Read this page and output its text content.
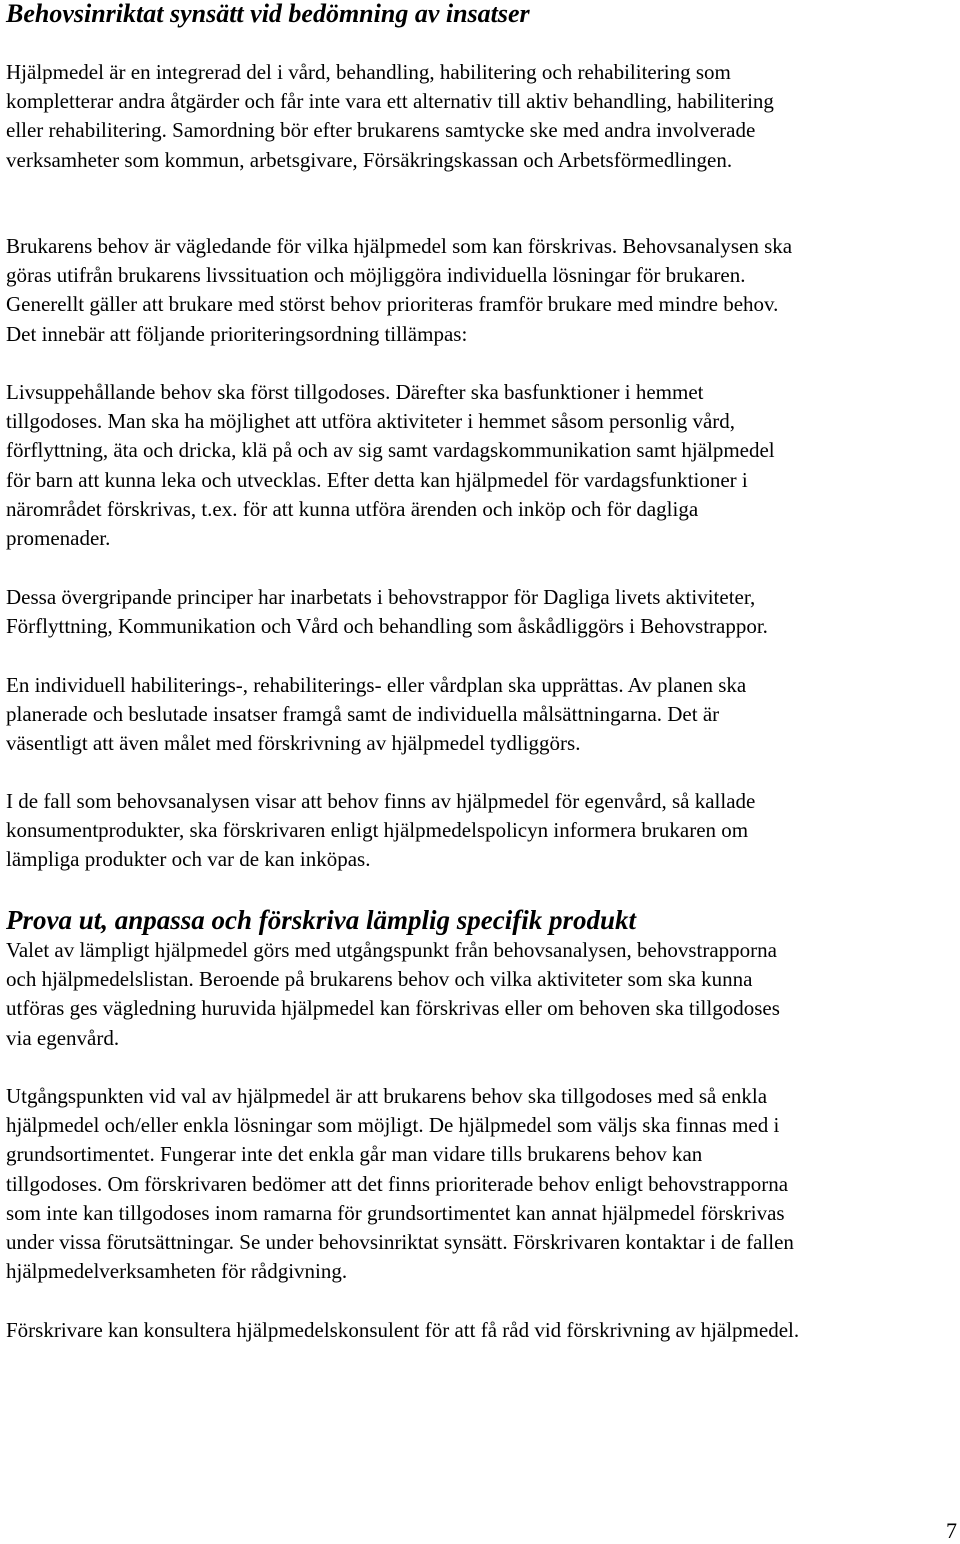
Behovsinriktat synsätt vid bedömning av insatser

Hjälpmedel är en integrerad del i vård, behandling, habilitering och rehabilitering som
kompletterar andra åtgärder och får inte vara ett alternativ till aktiv behandling, habilitering
eller rehabilitering. Samordning bör efter brukarens samtycke ske med andra involverade
verksamheter som kommun, arbetsgivare, Försäkringskassan och Arbetsförmedlingen.

Brukarens behov är vägledande för vilka hjälpmedel som kan förskrivas. Behovsanalysen ska
göras utifrån brukarens livssituation och möjliggöra individuella lösningar för brukaren.
Generellt gäller att brukare med störst behov prioriteras framför brukare med mindre behov.
Det innebär att följande prioriteringsordning tillämpas:

Livsuppehållande behov ska först tillgodoses. Därefter ska basfunktioner i hemmet
tillgodoses. Man ska ha möjlighet att utföra aktiviteter i hemmet såsom personlig vård,
förflyttning, äta och dricka, klä på och av sig samt vardagskommunikation samt hjälpmedel
för barn att kunna leka och utvecklas. Efter detta kan hjälpmedel för vardagsfunktioner i
närområdet förskrivas, t.ex. för att kunna utföra ärenden och inköp och för dagliga
promenader.

Dessa övergripande principer har inarbetats i behovstrappor för Dagliga livets aktiviteter,
Förflyttning, Kommunikation och Vård och behandling som åskådliggörs i Behovstrappor.

En individuell habiliterings-, rehabiliterings- eller vårdplan ska upprättas. Av planen ska
planerade och beslutade insatser framgå samt de individuella målsättningarna. Det är
väsentligt att även målet med förskrivning av hjälpmedel tydliggörs.

I de fall som behovsanalysen visar att behov finns av hjälpmedel för egenvård, så kallade
konsumentprodukter, ska förskrivaren enligt hjälpmedelspolicyn informera brukaren om
lämpliga produkter och var de kan inköpas.

Prova ut, anpassa och förskriva lämplig specifik produkt

Valet av lämpligt hjälpmedel görs med utgångspunkt från behovsanalysen, behovstrapporna
och hjälpmedelslistan. Beroende på brukarens behov och vilka aktiviteter som ska kunna
utföras ges vägledning huruvida hjälpmedel kan förskrivas eller om behoven ska tillgodoses
via egenvård.

Utgångspunkten vid val av hjälpmedel är att brukarens behov ska tillgodoses med så enkla
hjälpmedel och/eller enkla lösningar som möjligt. De hjälpmedel som väljs ska finnas med i
grundsortimentet. Fungerar inte det enkla går man vidare tills brukarens behov kan
tillgodoses. Om förskrivaren bedömer att det finns prioriterade behov enligt behovstrapporna
som inte kan tillgodoses inom ramarna för grundsortimentet kan annat hjälpmedel förskrivas
under vissa förutsättningar. Se under behovsinriktat synsätt. Förskrivaren kontaktar i de fallen
hjälpmedelverksamheten för rådgivning.

Förskrivare kan konsultera hjälpmedelskonsulent för att få råd vid förskrivning av hjälpmedel.

7
